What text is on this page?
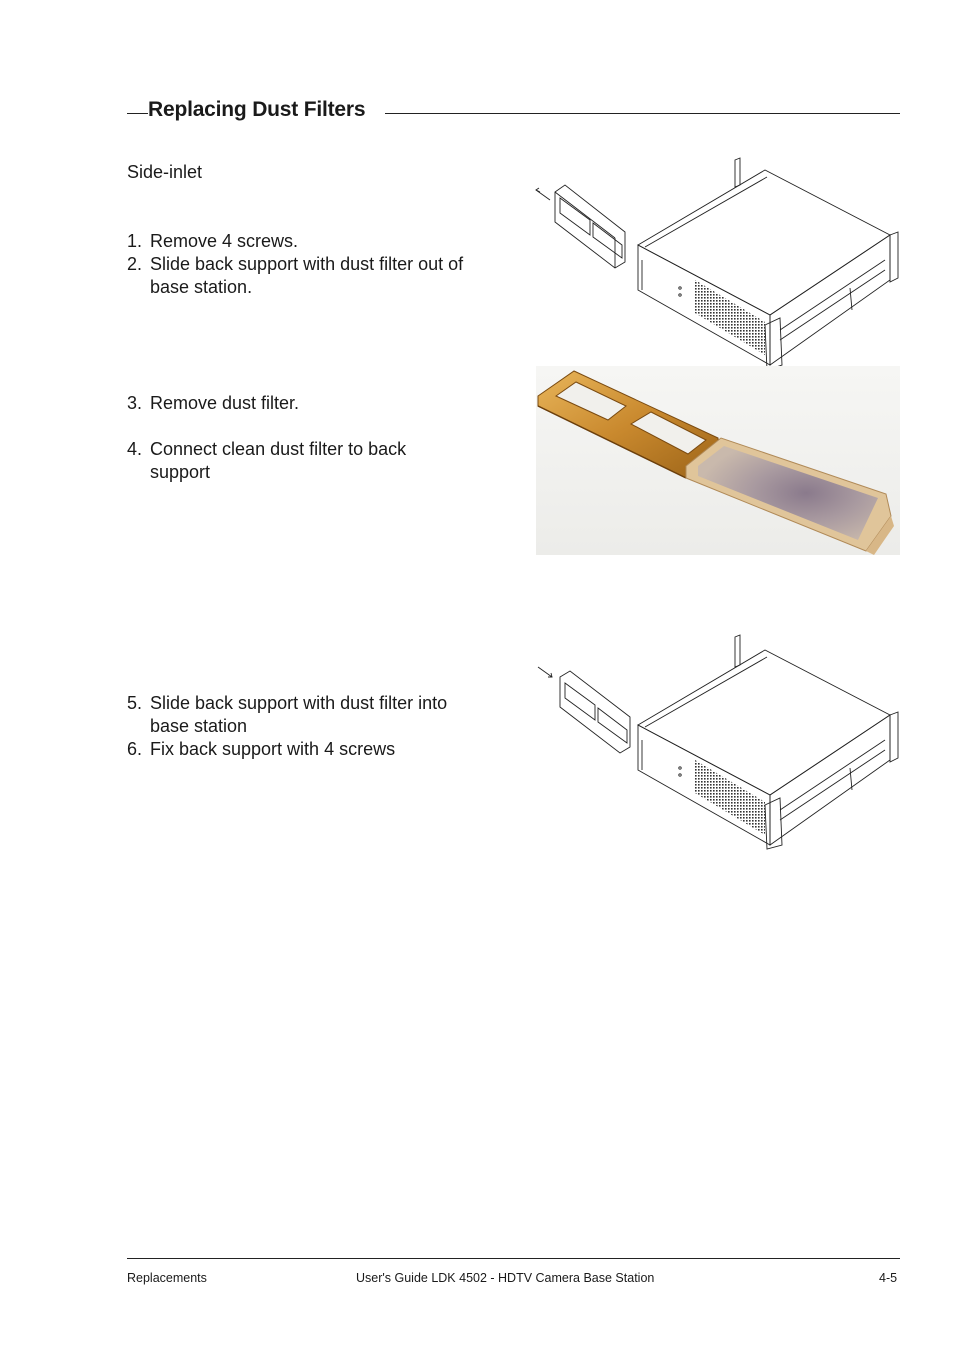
Replacing Dust Filters

Side-inlet

1. Remove 4 screws.
2. Slide back support with dust filter out of base station.
3. Remove dust filter.
4. Connect clean dust filter to back support
5. Slide back support with dust filter into base station
6. Fix back support with 4 screws
Replacements	User's Guide LDK 4502 - HDTV Camera Base Station	4-5
